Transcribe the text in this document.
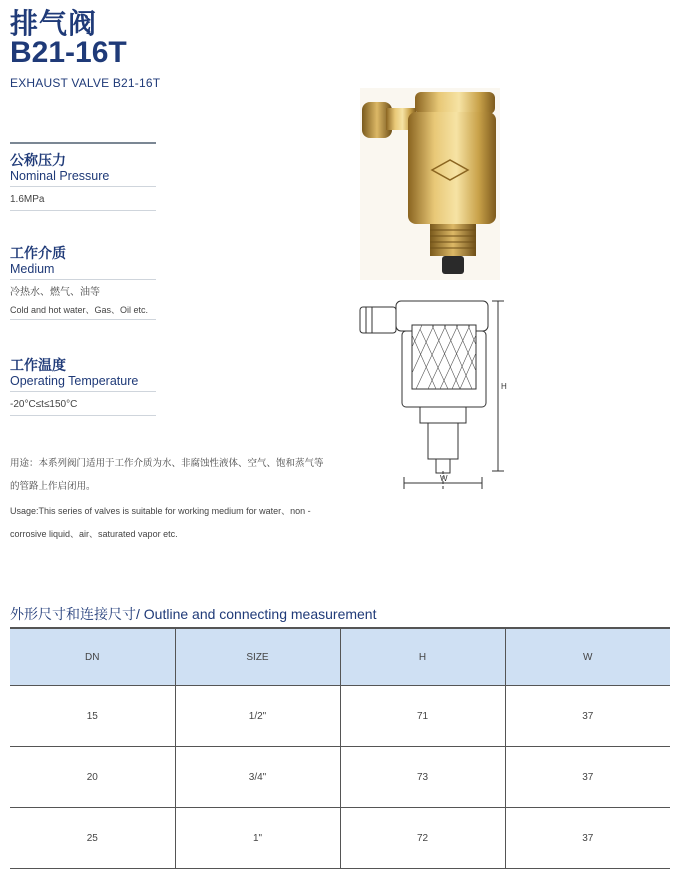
排气阀
B21-16T
EXHAUST VALVE B21-16T
公称压力
Nominal Pressure
1.6MPa
工作介质
Medium
冷热水、燃气、油等
Cold and hot water、Gas、Oil etc.
工作温度
Operating Temperature
-20°C≤t≤150°C
用途：本系列阀门适用于工作介质为水、非腐蚀性液体、空气、饱和蒸气等
的管路上作启闭用。
Usage:This series of valves is suitable for working medium for water、non -
corrosive liquid、air、saturated vapor etc.
H
W
外形尺寸和连接尺寸/ Outline and connecting measurement
DN	SIZE	H	W
15	1/2"	71	37
20	3/4"	73	37
25	1"	72	37
